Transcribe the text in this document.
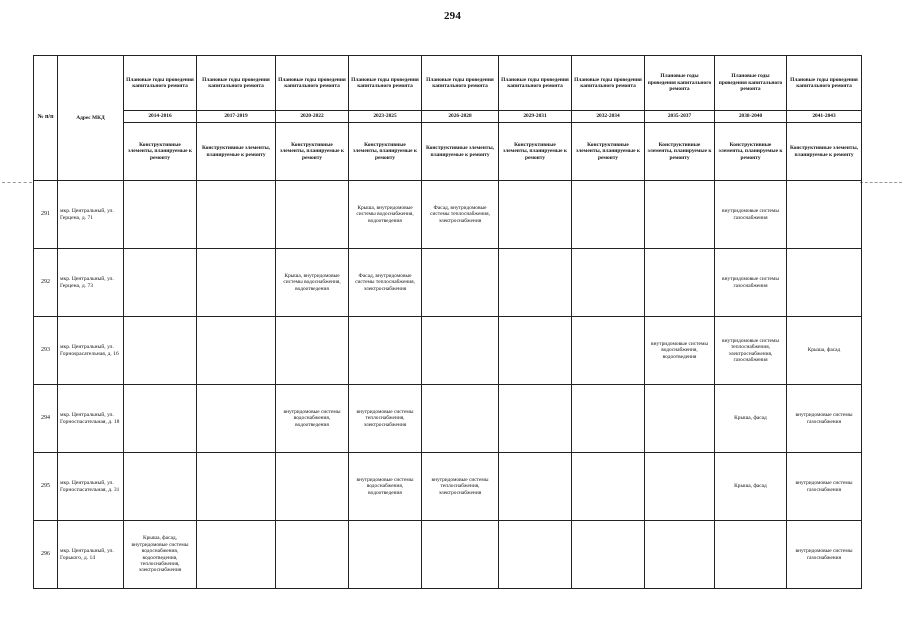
294
№ п/п	Адрес МКД	Плановые годы проведения капитального ремонта	Плановые годы проведения капитального ремонта	Плановые годы проведения капитального ремонта	Плановые годы проведения капитального ремонта	Плановые годы проведения капитального ремонта	Плановые годы проведения капитального ремонта	Плановые годы проведения капитального ремонта	Плановые годы проведения капитального ремонта	Плановые годы проведения капитального ремонта	Плановые годы проведения капитального ремонта
		2014-2016	2017-2019	2020-2022	2023-2025	2026-2028	2029-2031	2032-2034	2035-2037	2038-2040	2041-2043
		Конструктивные элементы, планируемые к ремонту	Конструктивные элементы, планируемые к ремонту	Конструктивные элементы, планируемые к ремонту	Конструктивные элементы, планируемые к ремонту	Конструктивные элементы, планируемые к ремонту	Конструктивные элементы, планируемые к ремонту	Конструктивные элементы, планируемые к ремонту	Конструктивные элементы, планируемые к ремонту	Конструктивные элементы, планируемые к ремонту	Конструктивные элементы, планируемые к ремонту
291	мкр. Центральный, ул. Герцена, д. 71				Крыша, внутридомовые системы водоснабжения, водоотведения	Фасад, внутридомовые системы теплоснабжения, электроснабжения				внутридомовые системы газоснабжения	
292	мкр. Центральный, ул. Герцена, д. 73			Крыша, внутридомовые системы водоснабжения, водоотведения	Фасад, внутридомовые системы теплоснабжения, электроснабжения					внутридомовые системы газоснабжения	
293	мкр. Центральный, ул. Горнospасательная, д. 16								внутридомовые системы водоснабжения, водоотведения	внутридомовые системы теплоснабжения, электроснабжения, газоснабжения	Крыша, фасад
294	мкр. Центральный, ул. Горноспасательная, д. 18			внутридомовые системы водоснабжения, водоотведения	внутридомовые системы теплоснабжения, электроснабжения					Крыша, фасад	внутридомовые системы газоснабжения
295	мкр. Центральный, ул. Горноспасательная, д. 31				внутридомовые системы водоснабжения, водоотведения	внутридомовые системы теплоснабжения, электроснабжения				Крыша, фасад	внутридомовые системы газоснабжения
296	мкр. Центральный, ул. Горького, д. 14	Крыша, фасад, внутридомовые системы водоснабжения, водоотведения, теплоснабжения, электроснабжения									внутридомовые системы газоснабжения
